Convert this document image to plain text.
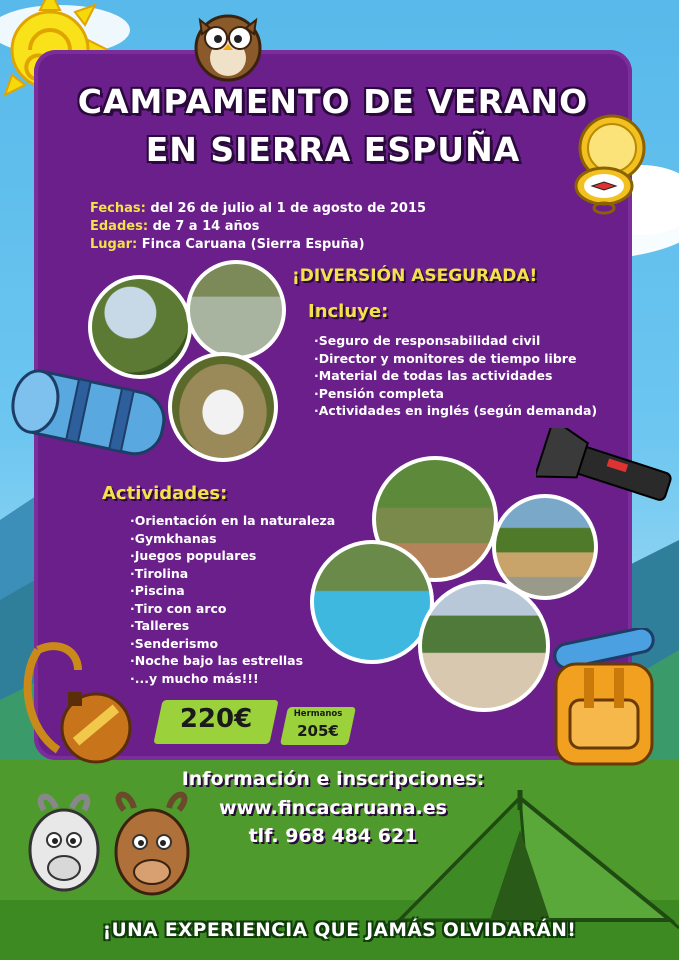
CAMPAMENTO DE VERANO
EN SIERRA ESPUÑA
Fechas: del 26 de julio al 1 de agosto de 2015
Edades: de 7 a 14 años
Lugar: Finca Caruana (Sierra Espuña)
¡DIVERSIÓN ASEGURADA!
Incluye:
·Seguro de responsabilidad civil
·Director y monitores de tiempo libre
·Material de todas las actividades
·Pensión completa
·Actividades en inglés (según demanda)
Actividades:
·Orientación en la naturaleza
·Gymkhanas
·Juegos populares
·Tirolina
·Piscina
·Tiro con arco
·Talleres
·Senderismo
·Noche bajo las estrellas
·...y mucho más!!!
220€	Hermanos
205€
Información e inscripciones:
www.fincacaruana.es
tlf. 968 484 621
¡UNA EXPERIENCIA QUE JAMÁS OLVIDARÁN!
